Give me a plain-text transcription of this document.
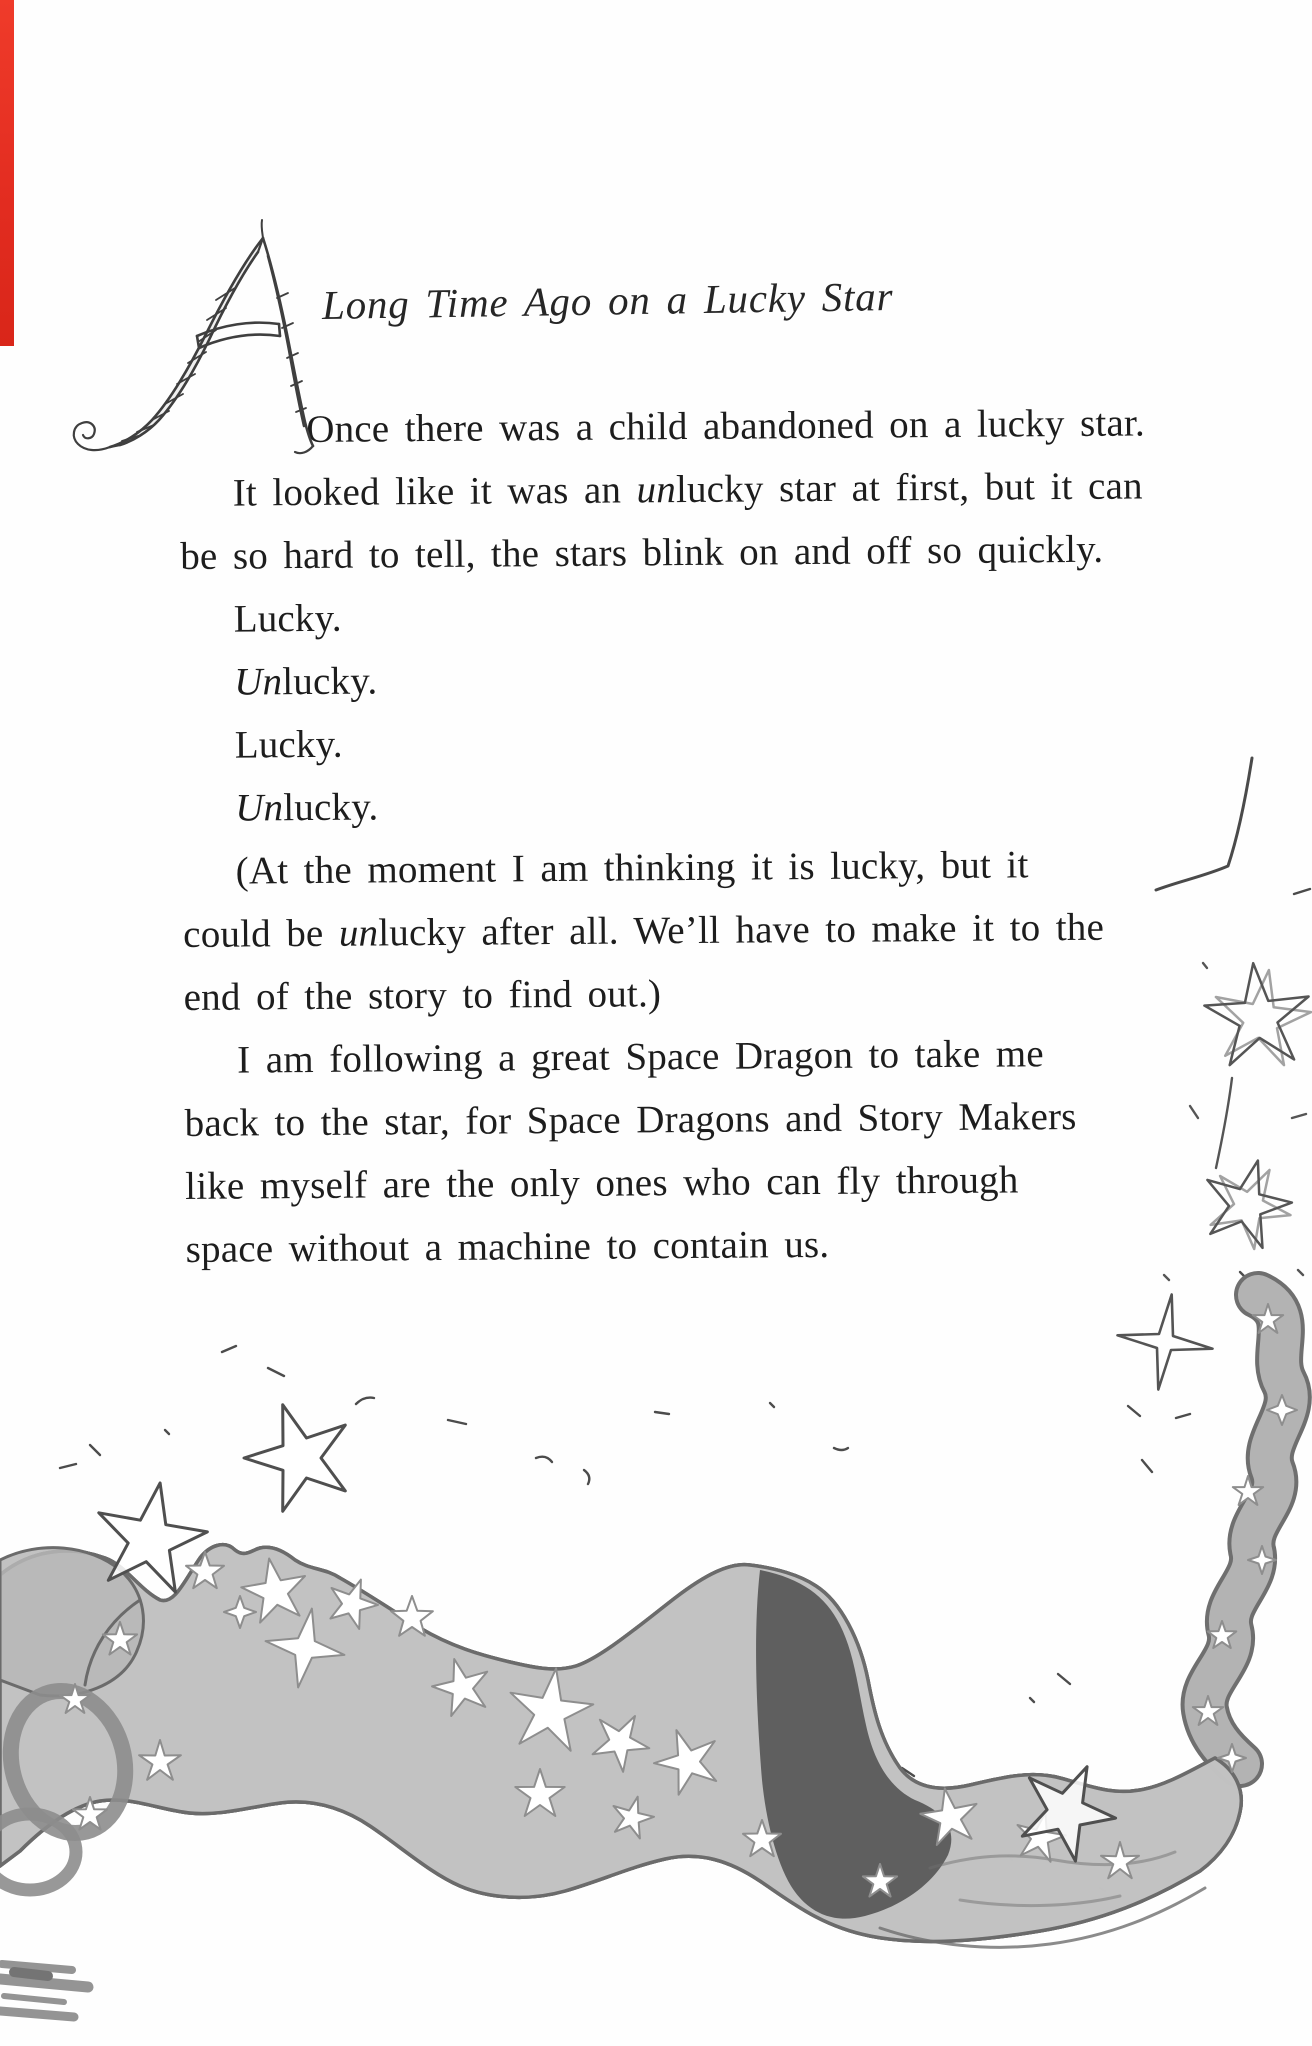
Long Time Ago on a Lucky Star
Once there was a child abandoned on a lucky star.
It looked like it was an unlucky star at first, but it can
be so hard to tell, the stars blink on and off so quickly.
Lucky.
Unlucky.
Lucky.
Unlucky.
(At the moment I am thinking it is lucky, but it
could be unlucky after all. We’ll have to make it to the
end of the story to find out.)
I am following a great Space Dragon to take me
back to the star, for Space Dragons and Story Makers
like myself are the only ones who can fly through
space without a machine to contain us.
